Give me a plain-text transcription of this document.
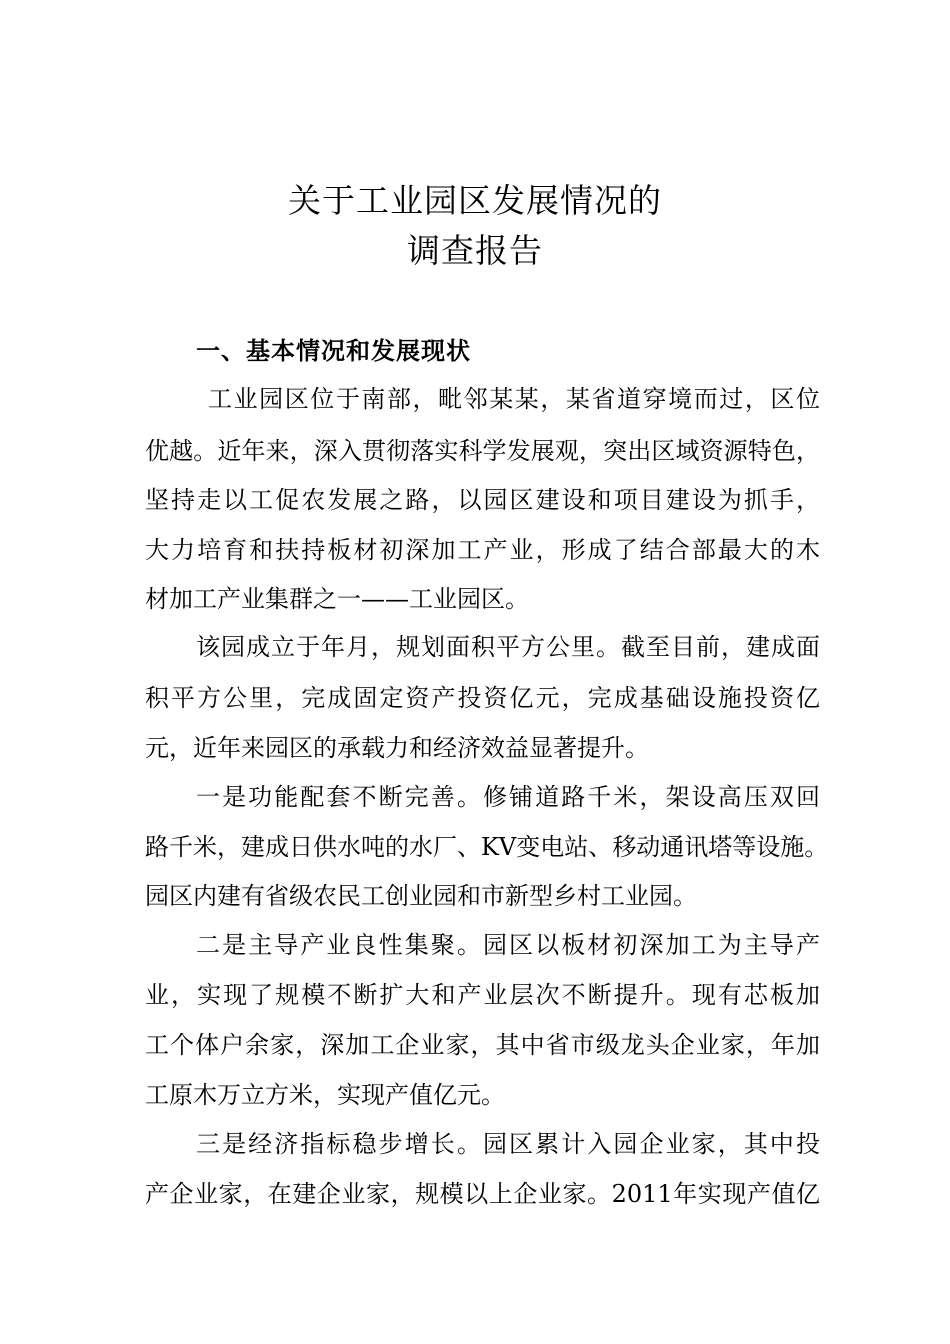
关于工业园区发展情况的
调查报告
一、基本情况和发展现状

工业园区位于南部，毗邻某某，某省道穿境而过，区位

优越。近年来，深入贯彻落实科学发展观，突出区域资源特色，

坚持走以工促农发展之路，以园区建设和项目建设为抓手，

大力培育和扶持板材初深加工产业，形成了结合部最大的木

材加工产业集群之一——工业园区。

该园成立于年月，规划面积平方公里。截至目前，建成面

积平方公里，完成固定资产投资亿元，完成基础设施投资亿

元，近年来园区的承载力和经济效益显著提升。

一是功能配套不断完善。修铺道路千米，架设高压双回

路千米，建成日供水吨的水厂、KV变电站、移动通讯塔等设施。

园区内建有省级农民工创业园和市新型乡村工业园。

二是主导产业良性集聚。园区以板材初深加工为主导产

业，实现了规模不断扩大和产业层次不断提升。现有芯板加

工个体户余家，深加工企业家，其中省市级龙头企业家，年加

工原木万立方米，实现产值亿元。

三是经济指标稳步增长。园区累计入园企业家，其中投

产企业家，在建企业家，规模以上企业家。2011年实现产值亿
